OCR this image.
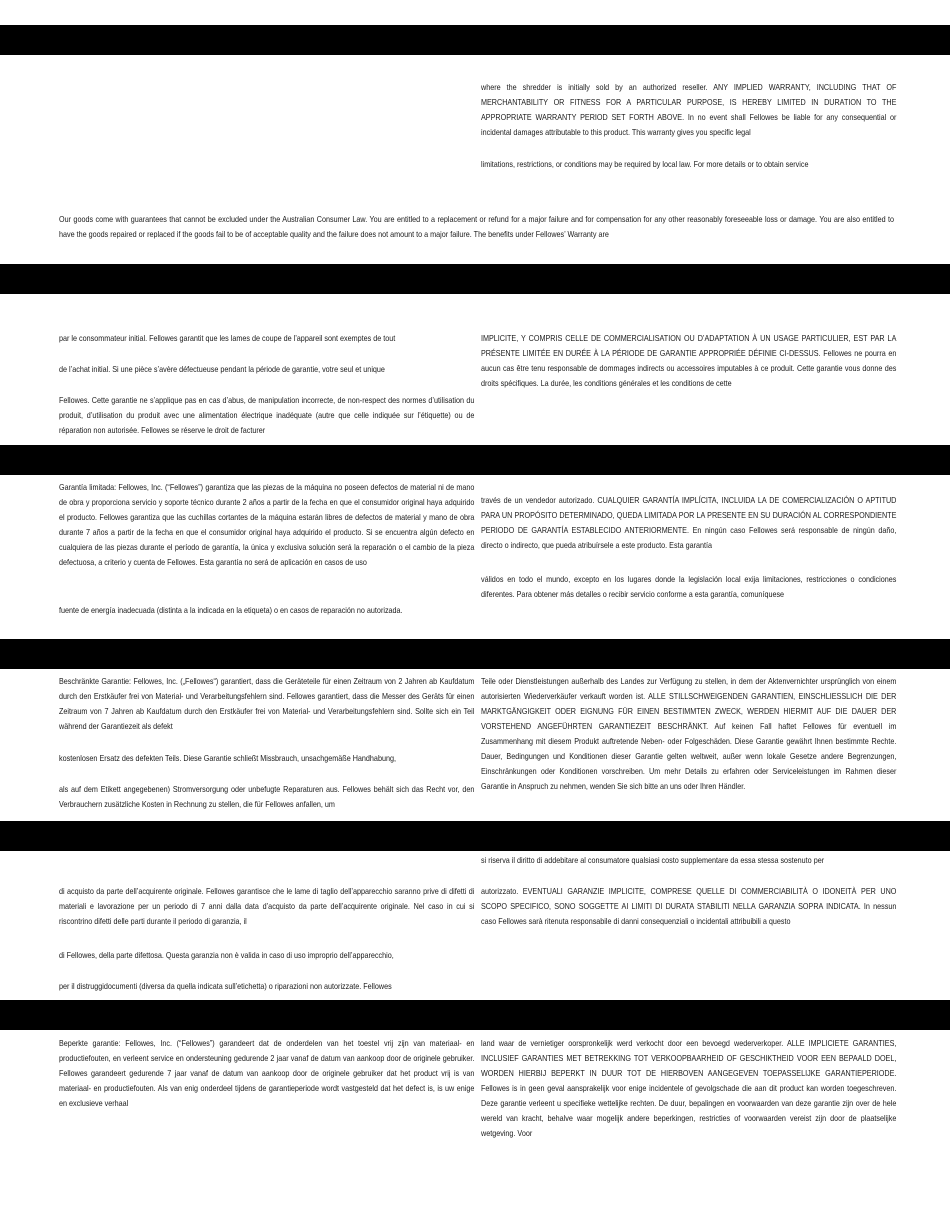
where the shredder is initially sold by an authorized reseller. ANY IMPLIED WARRANTY, INCLUDING THAT OF MERCHANTABILITY OR FITNESS FOR A PARTICULAR PURPOSE, IS HEREBY LIMITED IN DURATION TO THE APPROPRIATE WARRANTY PERIOD SET FORTH ABOVE. In no event shall Fellowes be liable for any consequential or incidental damages attributable to this product. This warranty gives you specific legal

limitations, restrictions, or conditions may be required by local law. For more details or to obtain service

Our goods come with guarantees that cannot be excluded under the Australian Consumer Law. You are entitled to a replacement or refund for a major failure and for compensation for any other reasonably foreseeable loss or damage. You are also entitled to have the goods repaired or replaced if the goods fail to be of acceptable quality and the failure does not amount to a major failure. The benefits under Fellowes’ Warranty are

par le consommateur initial. Fellowes garantit que les lames de coupe de l’appareil sont exemptes de tout

de l’achat initial. Si une pièce s’avère défectueuse pendant la période de garantie, votre seul et unique

Fellowes. Cette garantie ne s’applique pas en cas d’abus, de manipulation incorrecte, de non-respect des normes d’utilisation du produit, d’utilisation du produit avec une alimentation électrique inadéquate (autre que celle indiquée sur l’étiquette) ou de réparation non autorisée. Fellowes se réserve le droit de facturer

IMPLICITE, Y COMPRIS CELLE DE COMMERCIALISATION OU D’ADAPTATION À UN USAGE PARTICULIER, EST PAR LA PRÉSENTE LIMITÉE EN DURÉE À LA PÉRIODE DE GARANTIE APPROPRIÉE DÉFINIE CI-DESSUS. Fellowes ne pourra en aucun cas être tenu responsable de dommages indirects ou accessoires imputables à ce produit. Cette garantie vous donne des droits spécifiques. La durée, les conditions générales et les conditions de cette

Garantía limitada: Fellowes, Inc. (“Fellowes”) garantiza que las piezas de la máquina no poseen defectos de material ni de mano de obra y proporciona servicio y soporte técnico durante 2 años a partir de la fecha en que el consumidor original haya adquirido el producto. Fellowes garantiza que las cuchillas cortantes de la máquina estarán libres de defectos de material y mano de obra durante 7 años a partir de la fecha en que el consumidor original haya adquirido el producto. Si se encuentra algún defecto en cualquiera de las piezas durante el período de garantía, la única y exclusiva solución será la reparación o el cambio de la pieza defectuosa, a criterio y cuenta de Fellowes. Esta garantía no será de aplicación en casos de uso

fuente de energía inadecuada (distinta a la indicada en la etiqueta) o en casos de reparación no autorizada.

través de un vendedor autorizado. CUALQUIER GARANTÍA IMPLÍCITA, INCLUIDA LA DE COMERCIALIZACIÓN O APTITUD PARA UN PROPÓSITO DETERMINADO, QUEDA LIMITADA POR LA PRESENTE EN SU DURACIÓN AL CORRESPONDIENTE PERIODO DE GARANTÍA ESTABLECIDO ANTERIORMENTE. En ningún caso Fellowes será responsable de ningún daño, directo o indirecto, que pueda atribuírsele a este producto. Esta garantía

válidos en todo el mundo, excepto en los lugares donde la legislación local exija limitaciones, restricciones o condiciones diferentes. Para obtener más detalles o recibir servicio conforme a esta garantía, comuníquese

Beschränkte Garantie: Fellowes, Inc. („Fellowes“) garantiert, dass die Geräteteile für einen Zeitraum von 2 Jahren ab Kaufdatum durch den Erstkäufer frei von Material- und Verarbeitungsfehlern sind. Fellowes garantiert, dass die Messer des Geräts für einen Zeitraum von 7 Jahren ab Kaufdatum durch den Erstkäufer frei von Material- und Verarbeitungsfehlern sind. Sollte sich ein Teil während der Garantiezeit als defekt

kostenlosen Ersatz des defekten Teils. Diese Garantie schließt Missbrauch, unsachgemäße Handhabung,

als auf dem Etikett angegebenen) Stromversorgung oder unbefugte Reparaturen aus. Fellowes behält sich das Recht vor, den Verbrauchern zusätzliche Kosten in Rechnung zu stellen, die für Fellowes anfallen, um

Teile oder Dienstleistungen außerhalb des Landes zur Verfügung zu stellen, in dem der Aktenvernichter ursprünglich von einem autorisierten Wiederverkäufer verkauft worden ist. ALLE STILLSCHWEIGENDEN GARANTIEN, EINSCHLIESSLICH DIE DER MARKTGÄNGIGKEIT ODER EIGNUNG FÜR EINEN BESTIMMTEN ZWECK, WERDEN HIERMIT AUF DIE DAUER DER VORSTEHEND ANGEFÜHRTEN GARANTIEZEIT BESCHRÄNKT. Auf keinen Fall haftet Fellowes für eventuell im Zusammenhang mit diesem Produkt auftretende Neben- oder Folgeschäden. Diese Garantie gewährt Ihnen bestimmte Rechte. Dauer, Bedingungen und Konditionen dieser Garantie gelten weltweit, außer wenn lokale Gesetze andere Begrenzungen, Einschränkungen oder Konditionen vorschreiben. Um mehr Details zu erfahren oder Serviceleistungen im Rahmen dieser Garantie in Anspruch zu nehmen, wenden Sie sich bitte an uns oder Ihren Händler.

si riserva il diritto di addebitare al consumatore qualsiasi costo supplementare da essa stessa sostenuto per

di acquisto da parte dell’acquirente originale. Fellowes garantisce che le lame di taglio dell’apparecchio saranno prive di difetti di materiali e lavorazione per un periodo di 7 anni dalla data d’acquisto da parte dell’acquirente originale. Nel caso in cui si riscontrino difetti delle parti durante il periodo di garanzia, il

di Fellowes, della parte difettosa. Questa garanzia non è valida in caso di uso improprio dell’apparecchio,

per il distruggidocumenti (diversa da quella indicata sull’etichetta) o riparazioni non autorizzate. Fellowes

autorizzato. EVENTUALI GARANZIE IMPLICITE, COMPRESE QUELLE DI COMMERCIABILITÀ O IDONEITÀ PER UNO SCOPO SPECIFICO, SONO SOGGETTE AI LIMITI DI DURATA STABILITI NELLA GARANZIA SOPRA INDICATA. In nessun caso Fellowes sarà ritenuta responsabile di danni consequenziali o incidentali attribuibili a questo

Beperkte garantie: Fellowes, Inc. (“Fellowes”) garandeert dat de onderdelen van het toestel vrij zijn van materiaal- en productiefouten, en verleent service en ondersteuning gedurende 2 jaar vanaf de datum van aankoop door de originele gebruiker. Fellowes garandeert gedurende 7 jaar vanaf de datum van aankoop door de originele gebruiker dat het product vrij is van materiaal- en productiefouten. Als van enig onderdeel tijdens de garantieperiode wordt vastgesteld dat het defect is, is uw enige en exclusieve verhaal

land waar de vernietiger oorspronkelijk werd verkocht door een bevoegd wederverkoper. ALLE IMPLICIETE GARANTIES, INCLUSIEF GARANTIES MET BETREKKING TOT VERKOOPBAARHEID OF GESCHIKTHEID VOOR EEN BEPAALD DOEL, WORDEN HIERBIJ BEPERKT IN DUUR TOT DE HIERBOVEN AANGEGEVEN TOEPASSELIJKE GARANTIEPERIODE. Fellowes is in geen geval aansprakelijk voor enige incidentele of gevolgschade die aan dit product kan worden toegeschreven. Deze garantie verleent u specifieke wettelijke rechten. De duur, bepalingen en voorwaarden van deze garantie zijn over de hele wereld van kracht, behalve waar mogelijk andere beperkingen, restricties of voorwaarden vereist zijn door de plaatselijke wetgeving. Voor
